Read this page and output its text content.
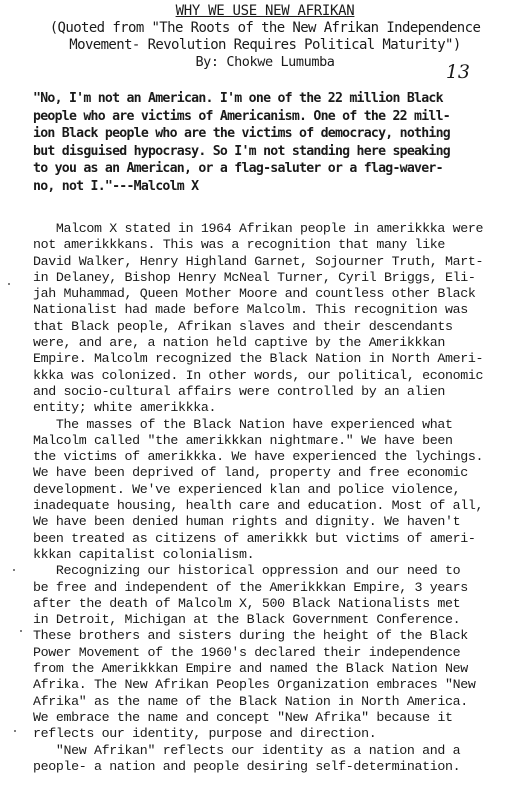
WHY WE USE NEW AFRIKAN
(Quoted from "The Roots of the New Afrikan Independence
Movement- Revolution Requires Political Maturity")
By: Chokwe Lumumba	13
"No, I'm not an American. I'm one of the 22 million Black
people who are victims of Americanism. One of the 22 mill-
ion Black people who are the victims of democracy, nothing
but disguised hypocrasy. So I'm not standing here speaking
to you as an American, or a flag-saluter or a flag-waver-
no, not I."---Malcolm X
Malcom X stated in 1964 Afrikan people in amerikkka were
not amerikkkans. This was a recognition that many like
David Walker, Henry Highland Garnet, Sojourner Truth, Mart-
in Delaney, Bishop Henry McNeal Turner, Cyril Briggs, Eli-
jah Muhammad, Queen Mother Moore and countless other Black
Nationalist had made before Malcolm. This recognition was
that Black people, Afrikan slaves and their descendants
were, and are, a nation held captive by the Amerikkkan
Empire. Malcolm recognized the Black Nation in North Ameri-
kkka was colonized. In other words, our political, economic
and socio-cultural affairs were controlled by an alien
entity; white amerikkka.
The masses of the Black Nation have experienced what
Malcolm called "the amerikkkan nightmare." We have been
the victims of amerikkka. We have experienced the lychings.
We have been deprived of land, property and free economic
development. We've experienced klan and police violence,
inadequate housing, health care and education. Most of all,
We have been denied human rights and dignity. We haven't
been treated as citizens of amerikkk but victims of ameri-
kkkan capitalist colonialism.
Recognizing our historical oppression and our need to
be free and independent of the Amerikkkan Empire, 3 years
after the death of Malcolm X, 500 Black Nationalists met
in Detroit, Michigan at the Black Government Conference.
These brothers and sisters during the height of the Black
Power Movement of the 1960's declared their independence
from the Amerikkkan Empire and named the Black Nation New
Afrika. The New Afrikan Peoples Organization embraces "New
Afrika" as the name of the Black Nation in North America.
We embrace the name and concept "New Afrika" because it
reflects our identity, purpose and direction.
"New Afrikan" reflects our identity as a nation and a
people- a nation and people desiring self-determination.
